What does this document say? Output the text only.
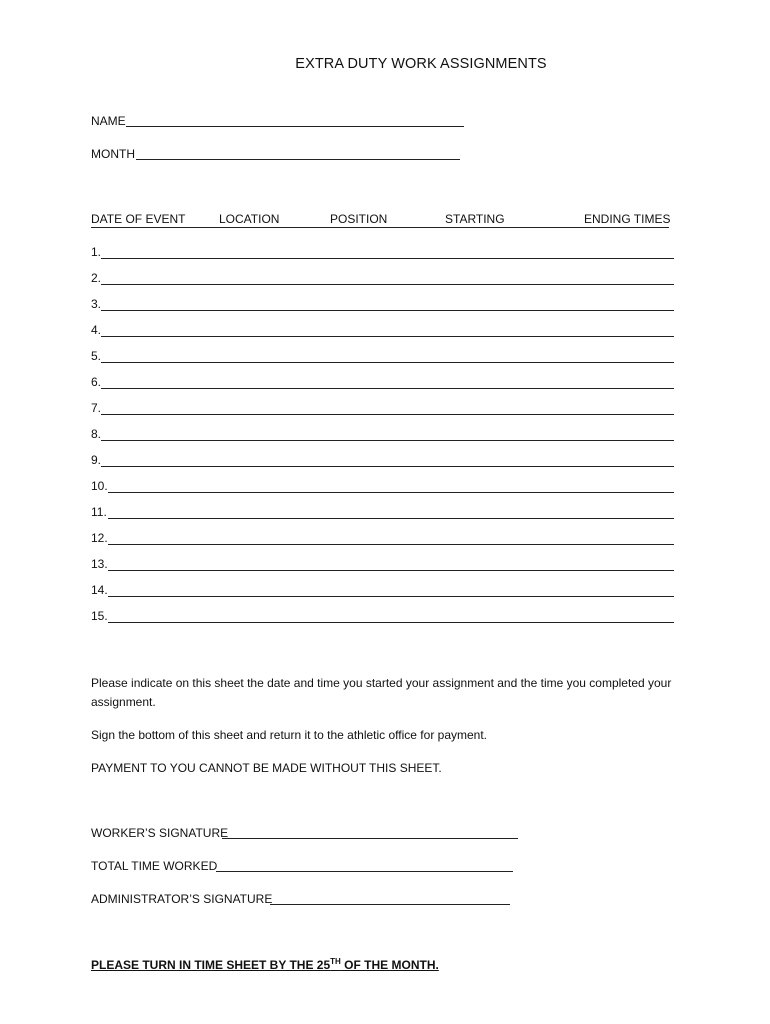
EXTRA DUTY WORK ASSIGNMENTS
NAME
MONTH
DATE OF EVENT	LOCATION	POSITION	STARTING	ENDING TIMES
1.
2.
3.
4.
5.
6.
7.
8.
9.
10.
11.
12.
13.
14.
15.
Please indicate on this sheet the date and time you started your assignment and the time you completed your
assignment.
Sign the bottom of this sheet and return it to the athletic office for payment.
PAYMENT TO YOU CANNOT BE MADE WITHOUT THIS SHEET.
WORKER’S SIGNATURE
TOTAL TIME WORKED
ADMINISTRATOR’S SIGNATURE
PLEASE TURN IN TIME SHEET BY THE 25TH OF THE MONTH.
